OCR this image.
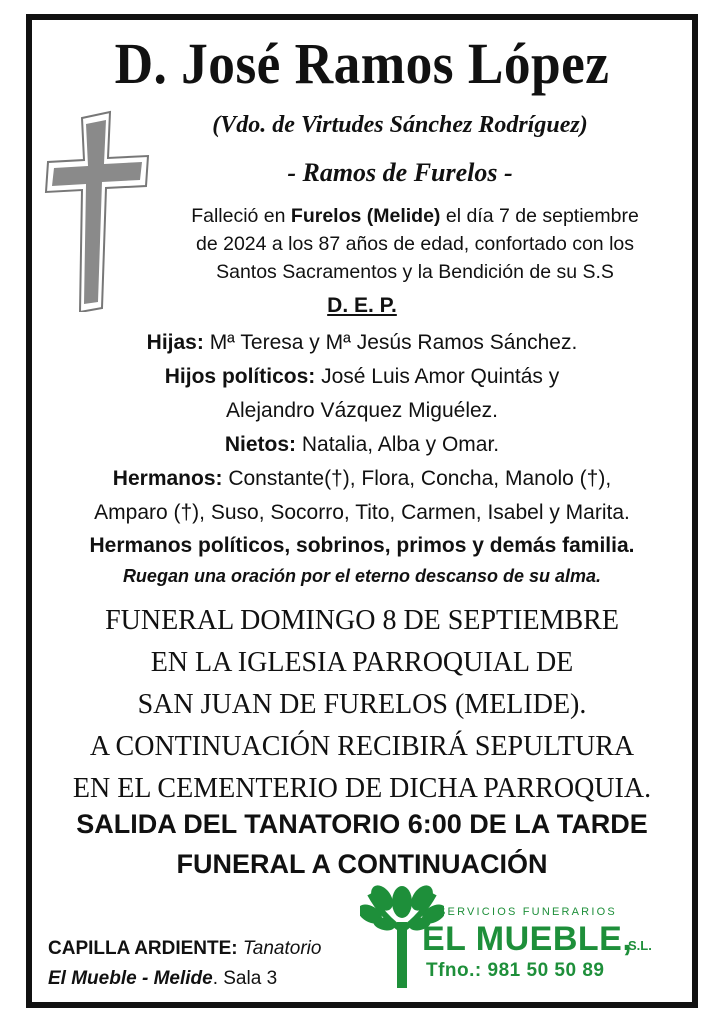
D. José Ramos López
(Vdo. de Virtudes Sánchez Rodríguez)
- Ramos de Furelos -
Falleció en Furelos (Melide) el día 7 de septiembre
de 2024 a los 87 años de edad, confortado con los
Santos Sacramentos y la Bendición de su S.S
D. E. P.
Hijas: Mª Teresa y Mª Jesús Ramos Sánchez.
Hijos políticos: José Luis Amor Quintás y
Alejandro Vázquez Miguélez.
Nietos: Natalia, Alba y Omar.
Hermanos: Constante(†), Flora, Concha, Manolo (†),
Amparo (†), Suso, Socorro, Tito, Carmen, Isabel y Marita.
Hermanos políticos, sobrinos, primos y demás familia.
Ruegan una oración por el eterno descanso de su alma.
FUNERAL DOMINGO 8 DE SEPTIEMBRE
EN LA IGLESIA PARROQUIAL DE
SAN JUAN DE FURELOS (MELIDE).
A CONTINUACIÓN RECIBIRÁ SEPULTURA
EN EL CEMENTERIO DE DICHA PARROQUIA.
SALIDA DEL TANATORIO 6:00 DE LA TARDE
FUNERAL A CONTINUACIÓN
CAPILLA ARDIENTE: Tanatorio
El Mueble - Melide. Sala 3
SERVICIOS FUNERARIOS
EL MUEBLE,
S.L.
Tfno.: 981 50 50 89
